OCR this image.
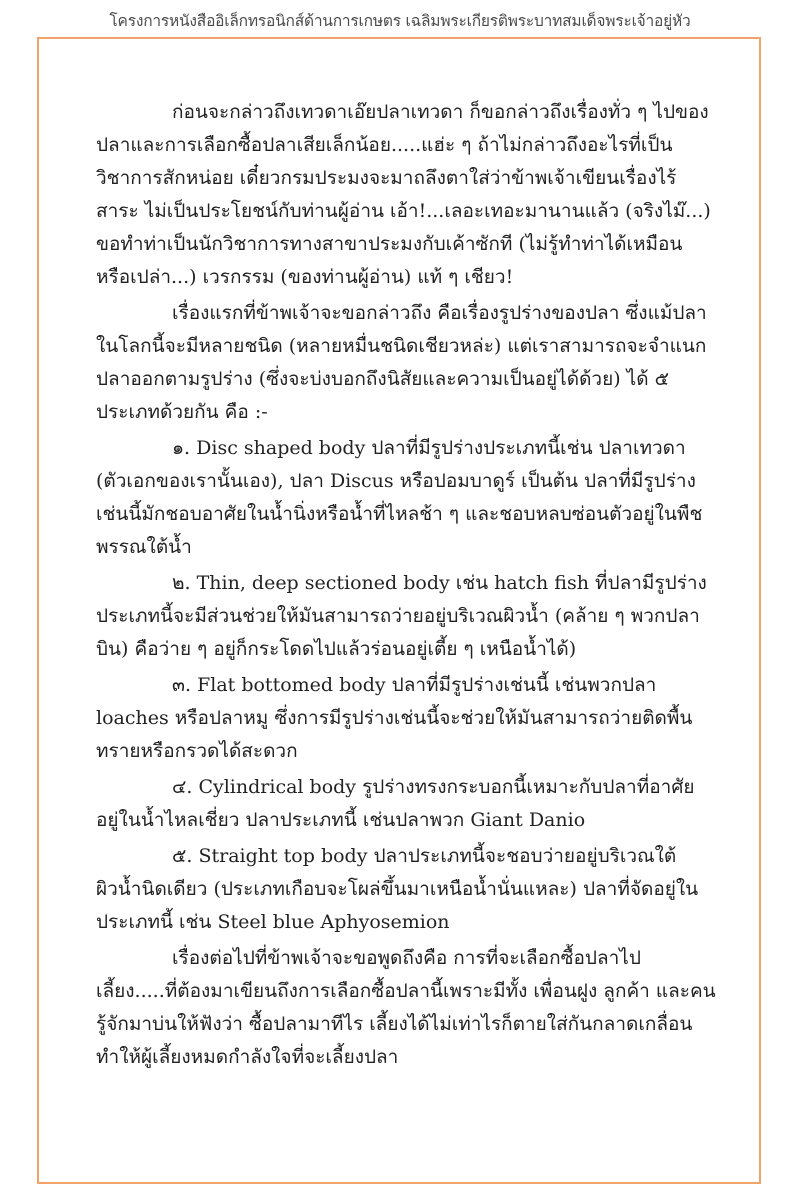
โครงการหนังสืออิเล็กทรอนิกส์ด้านการเกษตร เฉลิมพระเกียรติพระบาทสมเด็จพระเจ้าอยู่หัว

ก่อนจะกล่าวถึงเทวดาเอ๊ยปลาเทวดา ก็ขอกล่าวถึงเรื่องทั่ว ๆ ไปของปลาและการเลือกซื้อปลาเสียเล็กน้อย.....แฮ่ะ ๆ ถ้าไม่กล่าวถึงอะไรที่เป็นวิชาการสักหน่อย เดี๋ยวกรมประมงจะมาถลึงตาใส่ว่าข้าพเจ้าเขียนเรื่องไร้สาระ ไม่เป็นประโยชน์กับท่านผู้อ่าน เอ้า!...เลอะเทอะมานานแล้ว (จริงไม๊...) ขอทำท่าเป็นนักวิชาการทางสาขาประมงกับเค้าซักที (ไม่รู้ทำท่าได้เหมือนหรือเปล่า...) เวรกรรม (ของท่านผู้อ่าน) แท้ ๆ เชียว!

เรื่องแรกที่ข้าพเจ้าจะขอกล่าวถึง คือเรื่องรูปร่างของปลา ซึ่งแม้ปลาในโลกนี้จะมีหลายชนิด (หลายหมื่นชนิดเชียวหล่ะ) แต่เราสามารถจะจำแนกปลาออกตามรูปร่าง (ซึ่งจะบ่งบอกถึงนิสัยและความเป็นอยู่ได้ด้วย) ได้ ๕ ประเภทด้วยกัน คือ :-

๑. Disc shaped body ปลาที่มีรูปร่างประเภทนี้เช่น ปลาเทวดา (ตัวเอกของเรานั้นเอง), ปลา Discus หรือปอมบาดูร์ เป็นต้น ปลาที่มีรูปร่างเช่นนี้มักชอบอาศัยในน้ำนิ่งหรือน้ำที่ไหลช้า ๆ และชอบหลบซ่อนตัวอยู่ในพืชพรรณใต้น้ำ

๒. Thin, deep sectioned body เช่น hatch fish ที่ปลามีรูปร่างประเภทนี้จะมีส่วนช่วยให้มันสามารถว่ายอยู่บริเวณผิวน้ำ (คล้าย ๆ พวกปลาบิน) คือว่าย ๆ อยู่ก็กระโดดไปแล้วร่อนอยู่เตี้ย ๆ เหนือน้ำได้)

๓. Flat bottomed body ปลาที่มีรูปร่างเช่นนี้ เช่นพวกปลา loaches หรือปลาหมู ซึ่งการมีรูปร่างเช่นนี้จะช่วยให้มันสามารถว่ายติดพื้นทรายหรือกรวดได้สะดวก

๔. Cylindrical body รูปร่างทรงกระบอกนี้เหมาะกับปลาที่อาศัยอยู่ในน้ำไหลเชี่ยว ปลาประเภทนี้ เช่นปลาพวก Giant Danio

๕. Straight top body ปลาประเภทนี้จะชอบว่ายอยู่บริเวณใต้ผิวน้ำนิดเดียว (ประเภทเกือบจะโผล่ขึ้นมาเหนือน้ำนั่นแหละ) ปลาที่จัดอยู่ในประเภทนี้ เช่น Steel blue Aphyosemion

เรื่องต่อไปที่ข้าพเจ้าจะขอพูดถึงคือ การที่จะเลือกซื้อปลาไปเลี้ยง.....ที่ต้องมาเขียนถึงการเลือกซื้อปลานี้เพราะมีทั้ง เพื่อนฝูง ลูกค้า และคนรู้จักมาบ่นให้ฟังว่า ซื้อปลามาทีไร เลี้ยงได้ไม่เท่าไรก็ตายใส่กันกลาดเกลื่อน ทำให้ผู้เลี้ยงหมดกำลังใจที่จะเลี้ยงปลา
